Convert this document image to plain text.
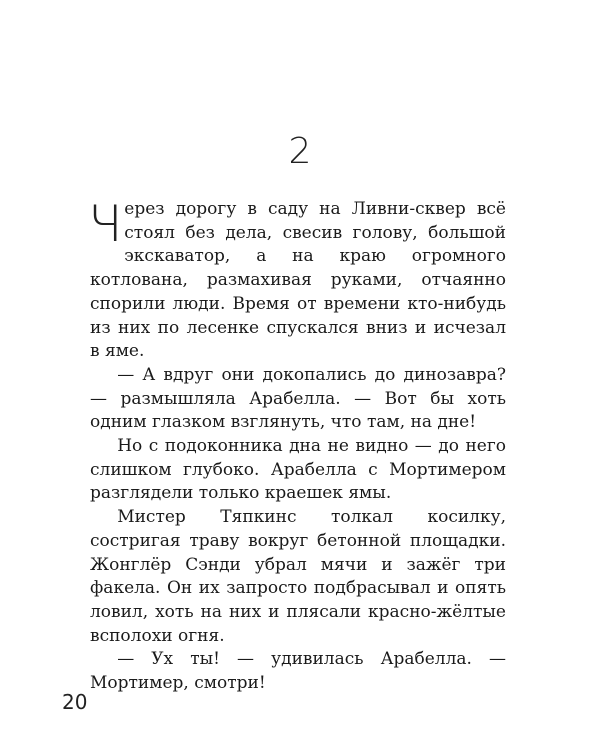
2

Через дорогу в саду на Ливни-сквер всё стоял без дела, свесив голову, большой экскаватор, а на краю огромного котлована, размахивая руками, отчаянно спорили люди. Время от времени кто-нибудь из них по лесенке спускался вниз и исчезал в яме.

— А вдруг они докопались до динозавра? — размышляла Арабелла. — Вот бы хоть одним глазком взглянуть, что там, на дне!

Но с подоконника дна не видно — до него слишком глубоко. Арабелла с Мортимером разглядели только краешек ямы.

Мистер Тяпкинс толкал косилку, состригая траву вокруг бетонной площадки. Жонглёр Сэнди убрал мячи и зажёг три факела. Он их запросто подбрасывал и опять ловил, хоть на них и плясали красно-жёлтые всполохи огня.

— Ух ты! — удивилась Арабелла. — Мортимер, смотри!

20
